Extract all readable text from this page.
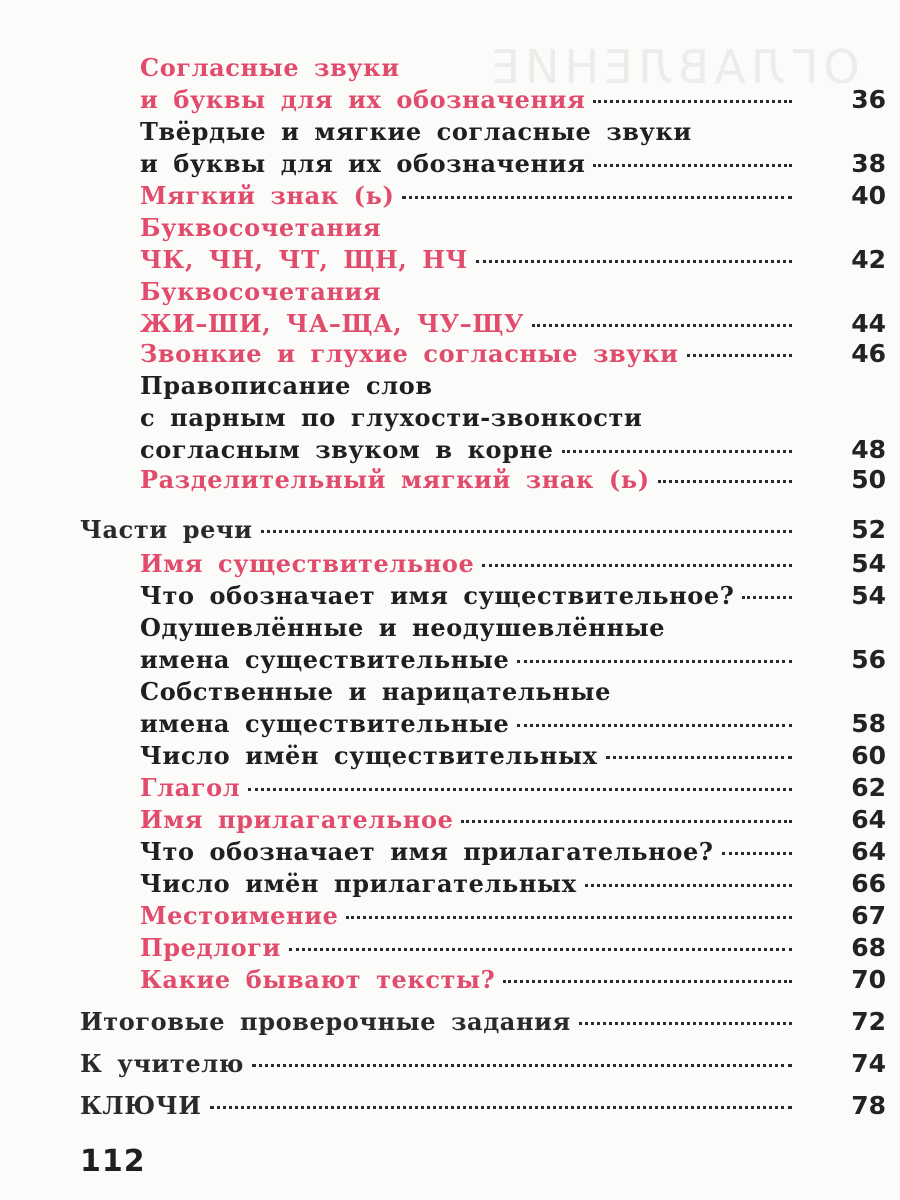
ОГЛАВЛЕНИЕ
Согласные звуки
и буквы для их обозначения	36
Твёрдые и мягкие согласные звуки
и буквы для их обозначения	38
Мягкий знак (ь)	40
Буквосочетания
ЧК, ЧН, ЧТ, ЩН, НЧ	42
Буквосочетания
ЖИ–ШИ, ЧА–ЩА, ЧУ–ЩУ	44
Звонкие и глухие согласные звуки	46
Правописание слов
с парным по глухости-звонкости
согласным звуком в корне	48
Разделительный мягкий знак (ь)	50
Части речи	52
Имя существительное	54
Что обозначает имя существительное?	54
Одушевлённые и неодушевлённые
имена существительные	56
Собственные и нарицательные
имена существительные	58
Число имён существительных	60
Глагол	62
Имя прилагательное	64
Что обозначает имя прилагательное?	64
Число имён прилагательных	66
Местоимение	67
Предлоги	68
Какие бывают тексты?	70
Итоговые проверочные задания	72
К учителю	74
КЛЮЧИ	78
112
